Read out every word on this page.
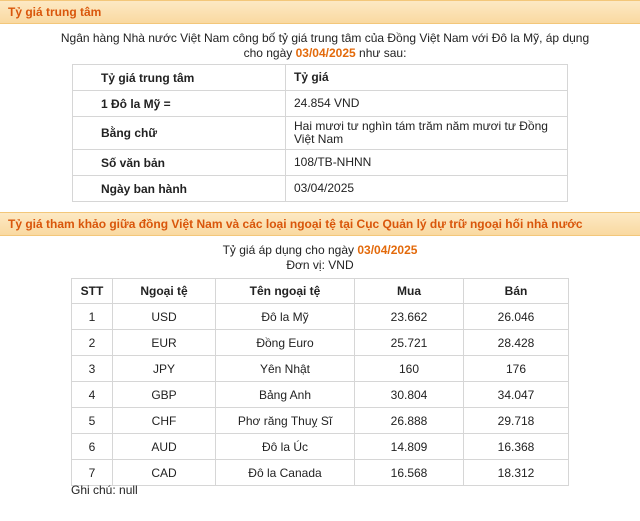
Tỷ giá trung tâm
Ngân hàng Nhà nước Việt Nam công bố tỷ giá trung tâm của Đồng Việt Nam với Đô la Mỹ, áp dụng cho ngày 03/04/2025 như sau:
Tỷ giá trung tâm	Tỷ giá
1 Đô la Mỹ =	24.854 VND
Bằng chữ	Hai mươi tư nghìn tám trăm năm mươi tư Đồng Việt Nam
Số văn bản	108/TB-NHNN
Ngày ban hành	03/04/2025
Tỷ giá tham khảo giữa đồng Việt Nam và các loại ngoại tệ tại Cục Quản lý dự trữ ngoại hối nhà nước
Tỷ giá áp dụng cho ngày 03/04/2025
Đơn vị: VND
STT	Ngoại tệ	Tên ngoại tệ	Mua	Bán
1	USD	Đô la Mỹ	23.662	26.046
2	EUR	Đồng Euro	25.721	28.428
3	JPY	Yên Nhật	160	176
4	GBP	Bảng Anh	30.804	34.047
5	CHF	Phơ răng Thuỵ Sĩ	26.888	29.718
6	AUD	Đô la Úc	14.809	16.368
7	CAD	Đô la Canada	16.568	18.312
Ghi chú: null
